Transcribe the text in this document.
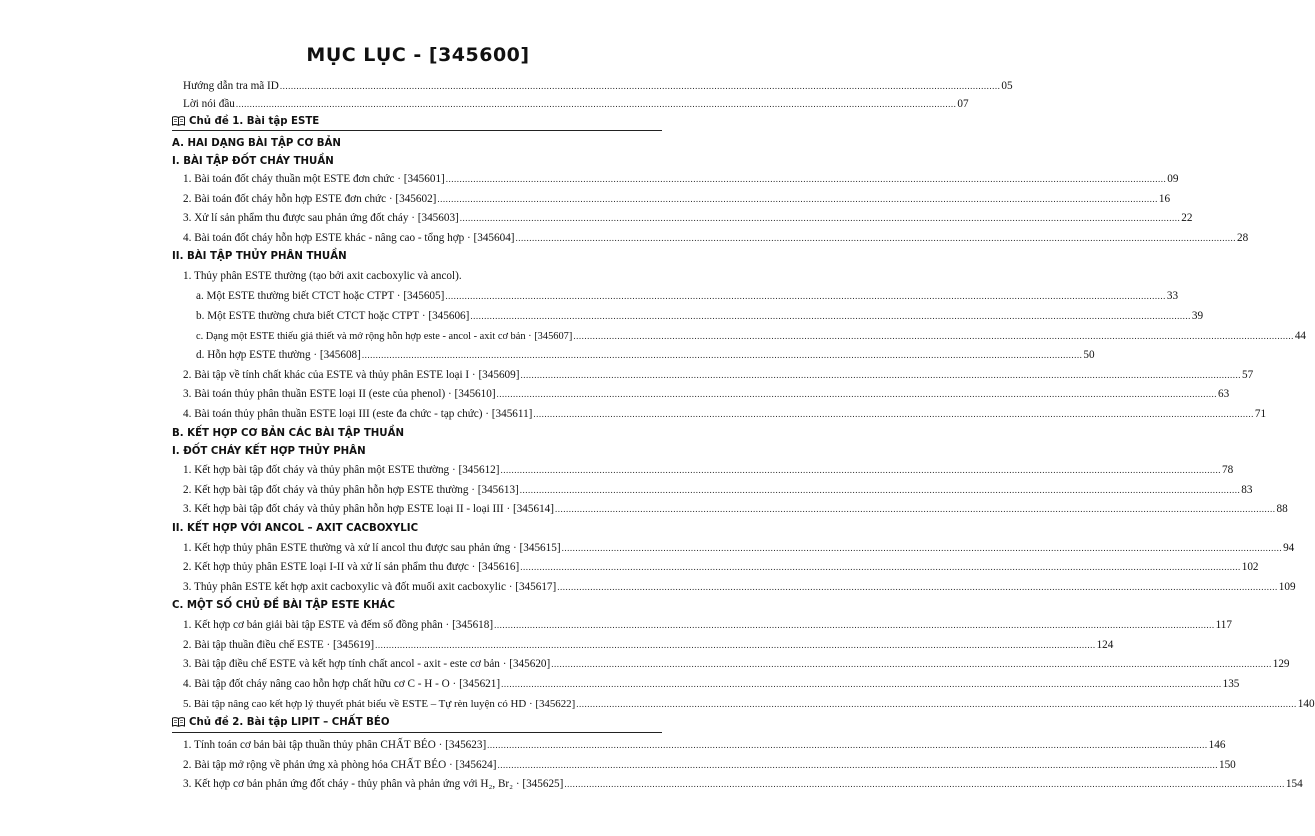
MỤC LỤC - [345600]
Hướng dẫn tra mã ID ...................................................................................................................................................................................................................................................................... 05
Lời nói đầu ...................................................................................................................................................................................................................................................................... 07
Chủ đề 1. Bài tập ESTE
A. HAI DẠNG BÀI TẬP CƠ BẢN
I. BÀI TẬP ĐỐT CHÁY THUẦN
1. Bài toán đốt cháy thuần một ESTE đơn chức · [345601] ...................................................................................................................................................................................................................................................................... 09
2. Bài toán đốt cháy hỗn hợp ESTE đơn chức · [345602] ...................................................................................................................................................................................................................................................................... 16
3. Xử lí sản phẩm thu được sau phản ứng đốt cháy · [345603] ...................................................................................................................................................................................................................................................................... 22
4. Bài toán đốt cháy hỗn hợp ESTE khác - nâng cao - tổng hợp · [345604] ...................................................................................................................................................................................................................................................................... 28
II. BÀI TẬP THỦY PHÂN THUẦN
1. Thủy phân ESTE thường (tạo bởi axit cacboxylic và ancol).
a. Một ESTE thường biết CTCT hoặc CTPT · [345605] ...................................................................................................................................................................................................................................................................... 33
b. Một ESTE thường chưa biết CTCT hoặc CTPT · [345606] ...................................................................................................................................................................................................................................................................... 39
c. Dạng một ESTE thiếu giả thiết và mở rộng hỗn hợp este - ancol - axit cơ bản · [345607] ...................................................................................................................................................................................................................................................................... 44
d. Hỗn hợp ESTE thường · [345608] ...................................................................................................................................................................................................................................................................... 50
2. Bài tập về tính chất khác của ESTE và thủy phân ESTE loại I · [345609] ...................................................................................................................................................................................................................................................................... 57
3. Bài toán thủy phân thuần ESTE loại II (este của phenol) · [345610] ...................................................................................................................................................................................................................................................................... 63
4. Bài toán thủy phân thuần ESTE loại III (este đa chức - tạp chức) · [345611] ...................................................................................................................................................................................................................................................................... 71
B. KẾT HỢP CƠ BẢN CÁC BÀI TẬP THUẦN
I. ĐỐT CHÁY KẾT HỢP THỦY PHÂN
1. Kết hợp bài tập đốt cháy và thủy phân một ESTE thường · [345612] ...................................................................................................................................................................................................................................................................... 78
2. Kết hợp bài tập đốt cháy và thủy phân hỗn hợp ESTE thường · [345613] ...................................................................................................................................................................................................................................................................... 83
3. Kết hợp bài tập đốt cháy và thủy phân hỗn hợp ESTE loại II - loại III · [345614] ...................................................................................................................................................................................................................................................................... 88
II. KẾT HỢP VỚI ANCOL – AXIT CACBOXYLIC
1. Kết hợp thủy phân ESTE thường và xử lí ancol thu được sau phản ứng · [345615] ...................................................................................................................................................................................................................................................................... 94
2. Kết hợp thủy phân ESTE loại I-II và xử lí sản phẩm thu được · [345616] ...................................................................................................................................................................................................................................................................... 102
3. Thủy phân ESTE kết hợp axit cacboxylic và đốt muối axit cacboxylic · [345617] ...................................................................................................................................................................................................................................................................... 109
C. MỘT SỐ CHỦ ĐỀ BÀI TẬP ESTE KHÁC
1. Kết hợp cơ bản giải bài tập ESTE và đếm số đồng phân · [345618] ...................................................................................................................................................................................................................................................................... 117
2. Bài tập thuần điều chế ESTE · [345619] ...................................................................................................................................................................................................................................................................... 124
3. Bài tập điều chế ESTE và kết hợp tính chất ancol - axit - este cơ bản · [345620] ...................................................................................................................................................................................................................................................................... 129
4. Bài tập đốt cháy nâng cao hỗn hợp chất hữu cơ C - H - O · [345621] ...................................................................................................................................................................................................................................................................... 135
5. Bài tập nâng cao kết hợp lý thuyết phát biểu về ESTE – Tự rèn luyện có HD · [345622] ...................................................................................................................................................................................................................................................................... 140
Chủ đề 2. Bài tập LIPIT – CHẤT BÉO
1. Tính toán cơ bản bài tập thuần thủy phân CHẤT BÉO · [345623] ...................................................................................................................................................................................................................................................................... 146
2. Bài tập mở rộng về phản ứng xà phòng hóa CHẤT BÉO · [345624] ...................................................................................................................................................................................................................................................................... 150
3. Kết hợp cơ bản phản ứng đốt cháy - thủy phân và phản ứng với H₂, Br₂ · [345625] ...................................................................................................................................................................................................................................................................... 154
